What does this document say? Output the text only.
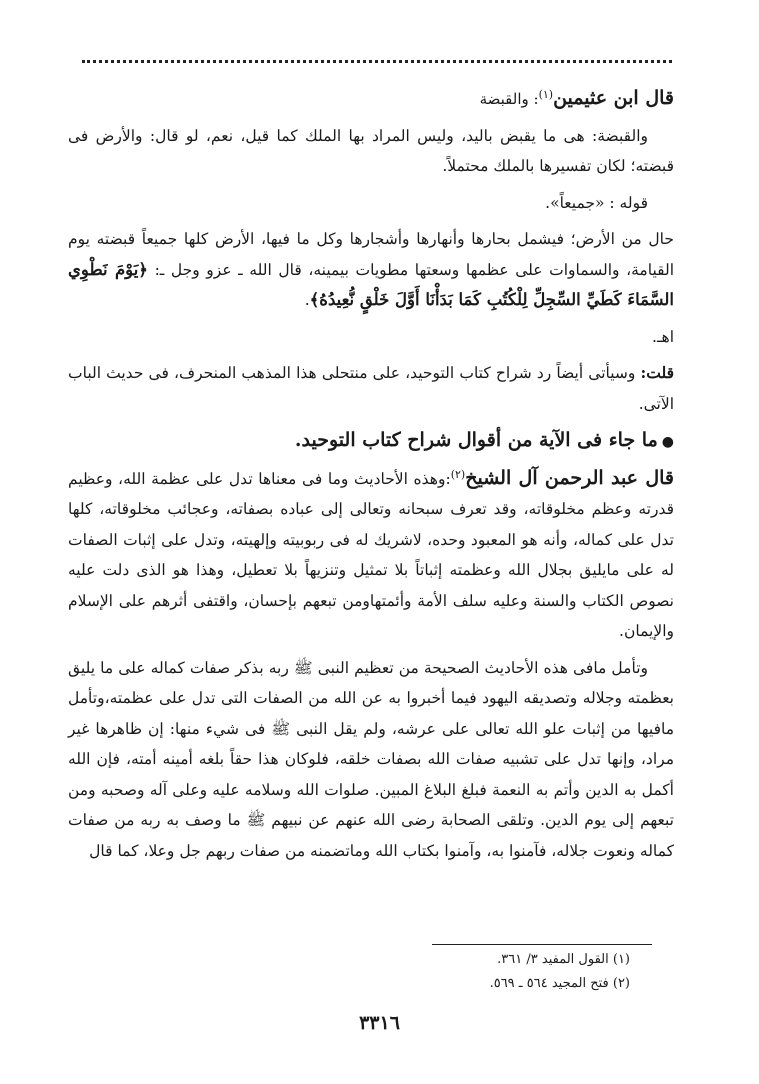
قال ابن عثيمين$^{(١)}$: والقبضة

والقبضة: هى ما يقبض باليد، وليس المراد بها الملك كما قيل، نعم، لو قال: والأرض فى قبضته؛ لكان تفسيرها بالملك محتملاً.

قوله : «جميعاً».

حال من الأرض؛ فيشمل بحارها وأنهارها وأشجارها وكل ما فيها، الأرض كلها جميعاً قبضته يوم القيامة، والسماوات على عظمها وسعتها مطويات بيمينه، قال الله ـ عزو وجل ـ: ﴿يَوْمَ نَطْوِي السَّمَاءَ كَطَيِّ السِّجِلِّ لِلْكُتُبِ كَمَا بَدَأْنَا أَوَّلَ خَلْقٍ نُّعِيدُهُ﴾.

اهـ.

قلت: وسيأتى أيضاً رد شراح كتاب التوحيد، على منتحلى هذا المذهب المنحرف، فى حديث الباب الآتى.

●ما جاء فى الآية من أقوال شراح كتاب التوحيد.

قال عبد الرحمن آل الشيخ$^{(٢)}$:وهذه الأحاديث وما فى معناها تدل على عظمة الله، وعظيم قدرته وعظم مخلوقاته، وقد تعرف سبحانه وتعالى إلى عباده بصفاته، وعجائب مخلوقاته، كلها تدل على كماله، وأنه هو المعبود وحده، لاشريك له فى ربوبيته وإلهيته، وتدل على إثبات الصفات له على مايليق بجلال الله وعظمته إثباتاً بلا تمثيل وتنزيهاً بلا تعطيل، وهذا هو الذى دلت عليه نصوص الكتاب والسنة وعليه سلف الأمة وأئمتهاومن تبعهم بإحسان، واقتفى أثرهم على الإسلام والإيمان.

وتأمل مافى هذه الأحاديث الصحيحة من تعظيم النبى ﷺ ربه بذكر صفات كماله على ما يليق بعظمته وجلاله وتصديقه اليهود فيما أخبروا به عن الله من الصفات التى تدل على عظمته،وتأمل مافيها من إثبات علو الله تعالى على عرشه، ولم يقل النبى ﷺ فى شيء منها: إن ظاهرها غير مراد، وإنها تدل على تشبيه صفات الله بصفات خلقه، فلوكان هذا حقاً بلغه أمينه أمته، فإن الله أكمل به الدين وأتم به النعمة فبلغ البلاغ المبين. صلوات الله وسلامه عليه وعلى آله وصحبه ومن تبعهم إلى يوم الدين. وتلقى الصحابة رضى الله عنهم عن نبيهم ﷺ ما وصف به ربه من صفات كماله ونعوت جلاله، فآمنوا به، وآمنوا بكتاب الله وماتضمنه من صفات ربهم جل وعلا، كما قال

(١) القول المفيد ٣/ ٣٦١.
(٢) فتح المجيد ٥٦٤ ـ ٥٦٩.
٣٣١٦
